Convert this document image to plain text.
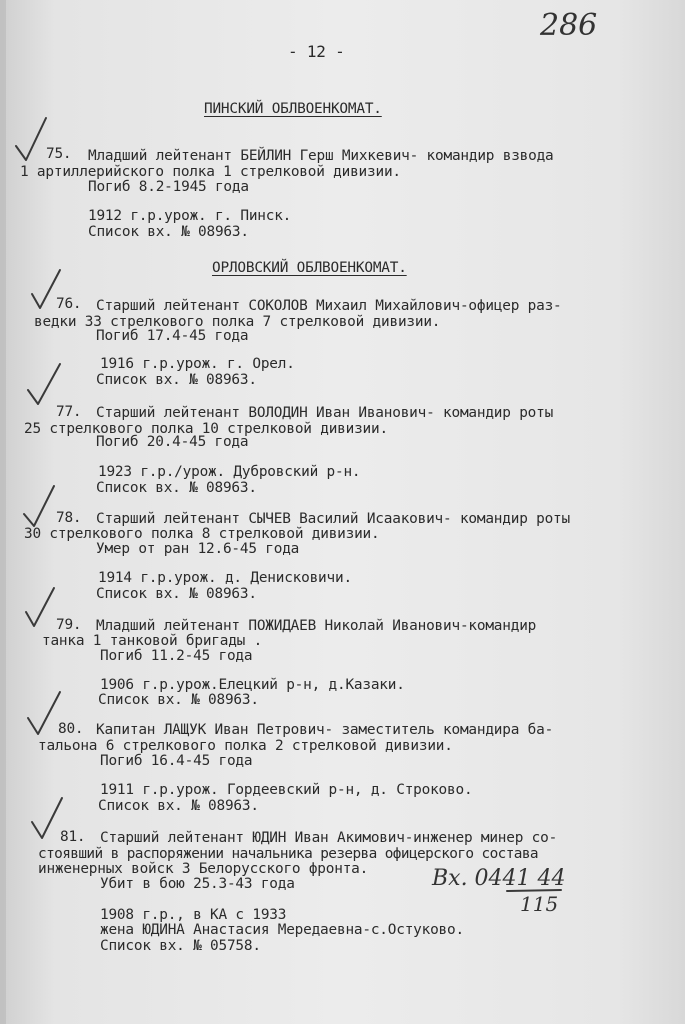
286
- 12 -
ПИНСКИЙ ОБЛВОЕНКОМАТ.
75. Младший лейтенант БЕЙЛИН Герш Михкевич- командир взвода
1 артиллерийского полка 1 стрелковой дивизии.
Погиб 8.2-1945 года
1912 г.р.урож. г. Пинск.
Список вх. № 08963.
ОРЛОВСКИЙ ОБЛВОЕНКОМАТ.
76. Старший лейтенант СОКОЛОВ Михаил Михайлович-офицер раз-
ведки 33 стрелкового полка 7 стрелковой дивизии.
Погиб 17.4-45 года
1916 г.р.урож. г. Орел.
Список вх. № 08963.
77. Старший лейтенант ВОЛОДИН Иван Иванович- командир роты
25 стрелкового полка 10 стрелковой дивизии.
Погиб 20.4-45 года
1923 г.р./урож. Дубровский р-н.
Список вх. № 08963.
78. Старший лейтенант СЫЧЕВ Василий Исаакович- командир роты
30 стрелкового полка 8 стрелковой дивизии.
Умер от ран 12.6-45 года
1914 г.р.урож. д. Денисковичи.
Список вх. № 08963.
79. Младший лейтенант ПОЖИДАЕВ Николай Иванович-командир
танка 1 танковой бригады .
Погиб 11.2-45 года
1906 г.р.урож.Елецкий р-н, д.Казаки.
Список вх. № 08963.
80. Капитан ЛАЩУК Иван Петрович- заместитель командира ба-
тальона 6 стрелкового полка 2 стрелковой дивизии.
Погиб 16.4-45 года
1911 г.р.урож. Гордеевский р-н, д. Строково.
Список вх. № 08963.
81. Старший лейтенант ЮДИН Иван Акимович-инженер минер со-
стоявший в распоряжении начальника резерва офицерского состава
инженерных войск 3 Белорусского фронта.
Убит в бою 25.3-43 года
1908 г.р., в КА с 1933
жена ЮДИНА Анастасия Мередаевна-с.Остуково.
Список вх. № 05758.
Вх. 0441 44
115
